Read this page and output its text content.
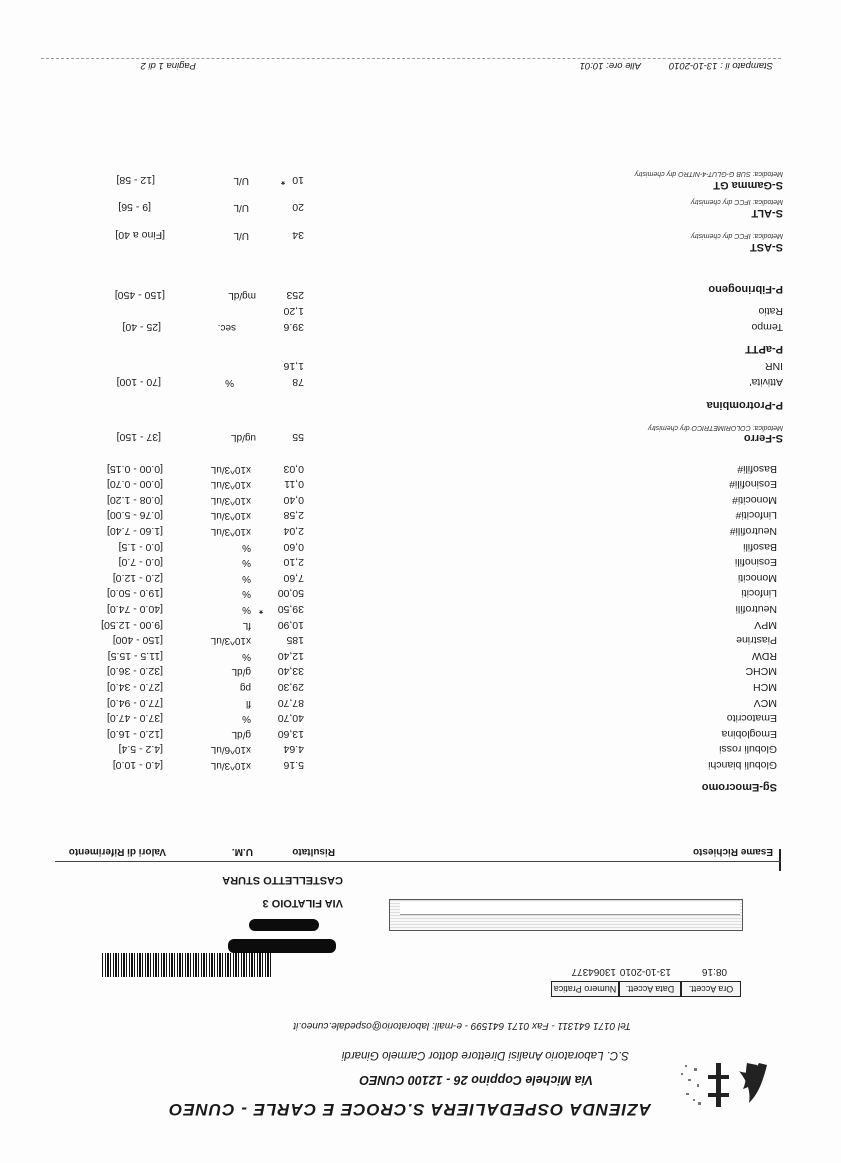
AZIENDA OSPEDALIERA S.CROCE E CARLE - CUNEO
Via Michele Coppino 26 - 12100 CUNEO
S.C. Laboratorio Analisi Direttore dottor Carmelo Ginardi
Tel 0171 641311 - Fax 0171 641599 - e-mail: laboratorio@ospedale.cuneo.it
Ora Accett.
Data Accett.
Numero Pratica
08:16
13-10-2010
13064377
VIA FILATOIO 3
CASTELLETTO STURA
Esame Richiesto
Risultato
U.M.
Valori di Riferimento
Sg-Emocromo
Globuli bianchi
5.16
x10^3/uL
[4.0 - 10.0]
Globuli rossi
4.64
x10^6/uL
[4.2 - 5.4]
Emoglobina
13,60
g/dL
[12.0 - 16.0]
Ematocrito
40,70
%
[37.0 - 47.0]
MCV
87,70
fl
[77.0 - 94.0]
MCH
29,30
pg
[27.0 - 34.0]
MCHC
33,40
g/dL
[32.0 - 36.0]
RDW
12,40
%
[11.5 - 15.5]
Piastrine
185
x10^3/uL
[150 - 400]
MPV
10,90
fL
[9.00 - 12.50]
Neutrofili
39,50
*
%
[40.0 - 74.0]
Linfociti
50,00
%
[19.0 - 50.0]
Monociti
7,60
%
[2.0 - 12.0]
Eosinofili
2,10
%
[0.0 - 7.0]
Basofili
0,60
%
[0.0 - 1.5]
Neutrofili#
2,04
x10^3/uL
[1.60 - 7.40]
Linfociti#
2,58
x10^3/uL
[0.76 - 5.00]
Monociti#
0,40
x10^3/uL
[0.08 - 1.20]
Eosinofili#
0,11
x10^3/uL
[0.00 - 0.70]
Basofili#
0,03
x10^3/uL
[0.00 - 0.15]
S-Ferro
Metodica: COLORIMETRICO dry chemistry
55
ug/dL
[37 - 150]
P-Protrombina
Attivita'
78
%
[70 - 100]
INR
1,16
P-aPTT
Tempo
39.6
sec.
[25 - 40]
Ratio
1,20
P-Fibrinogeno
253
mg/dL
[150 - 450]
S-AST
Metodica: IFCC dry chemistry
34
U/L
[Fino a 40]
S-ALT
Metodica: IFCC dry chemistry
20
U/L
[9 - 56]
S-Gamma GT
Metodica: SUB G-GLUT-4-NITRO dry chemistry
10
*
U/L
[12 - 58]
Stampato il : 13-10-2010
Alle ore: 10:01
Pagina 1 di 2
